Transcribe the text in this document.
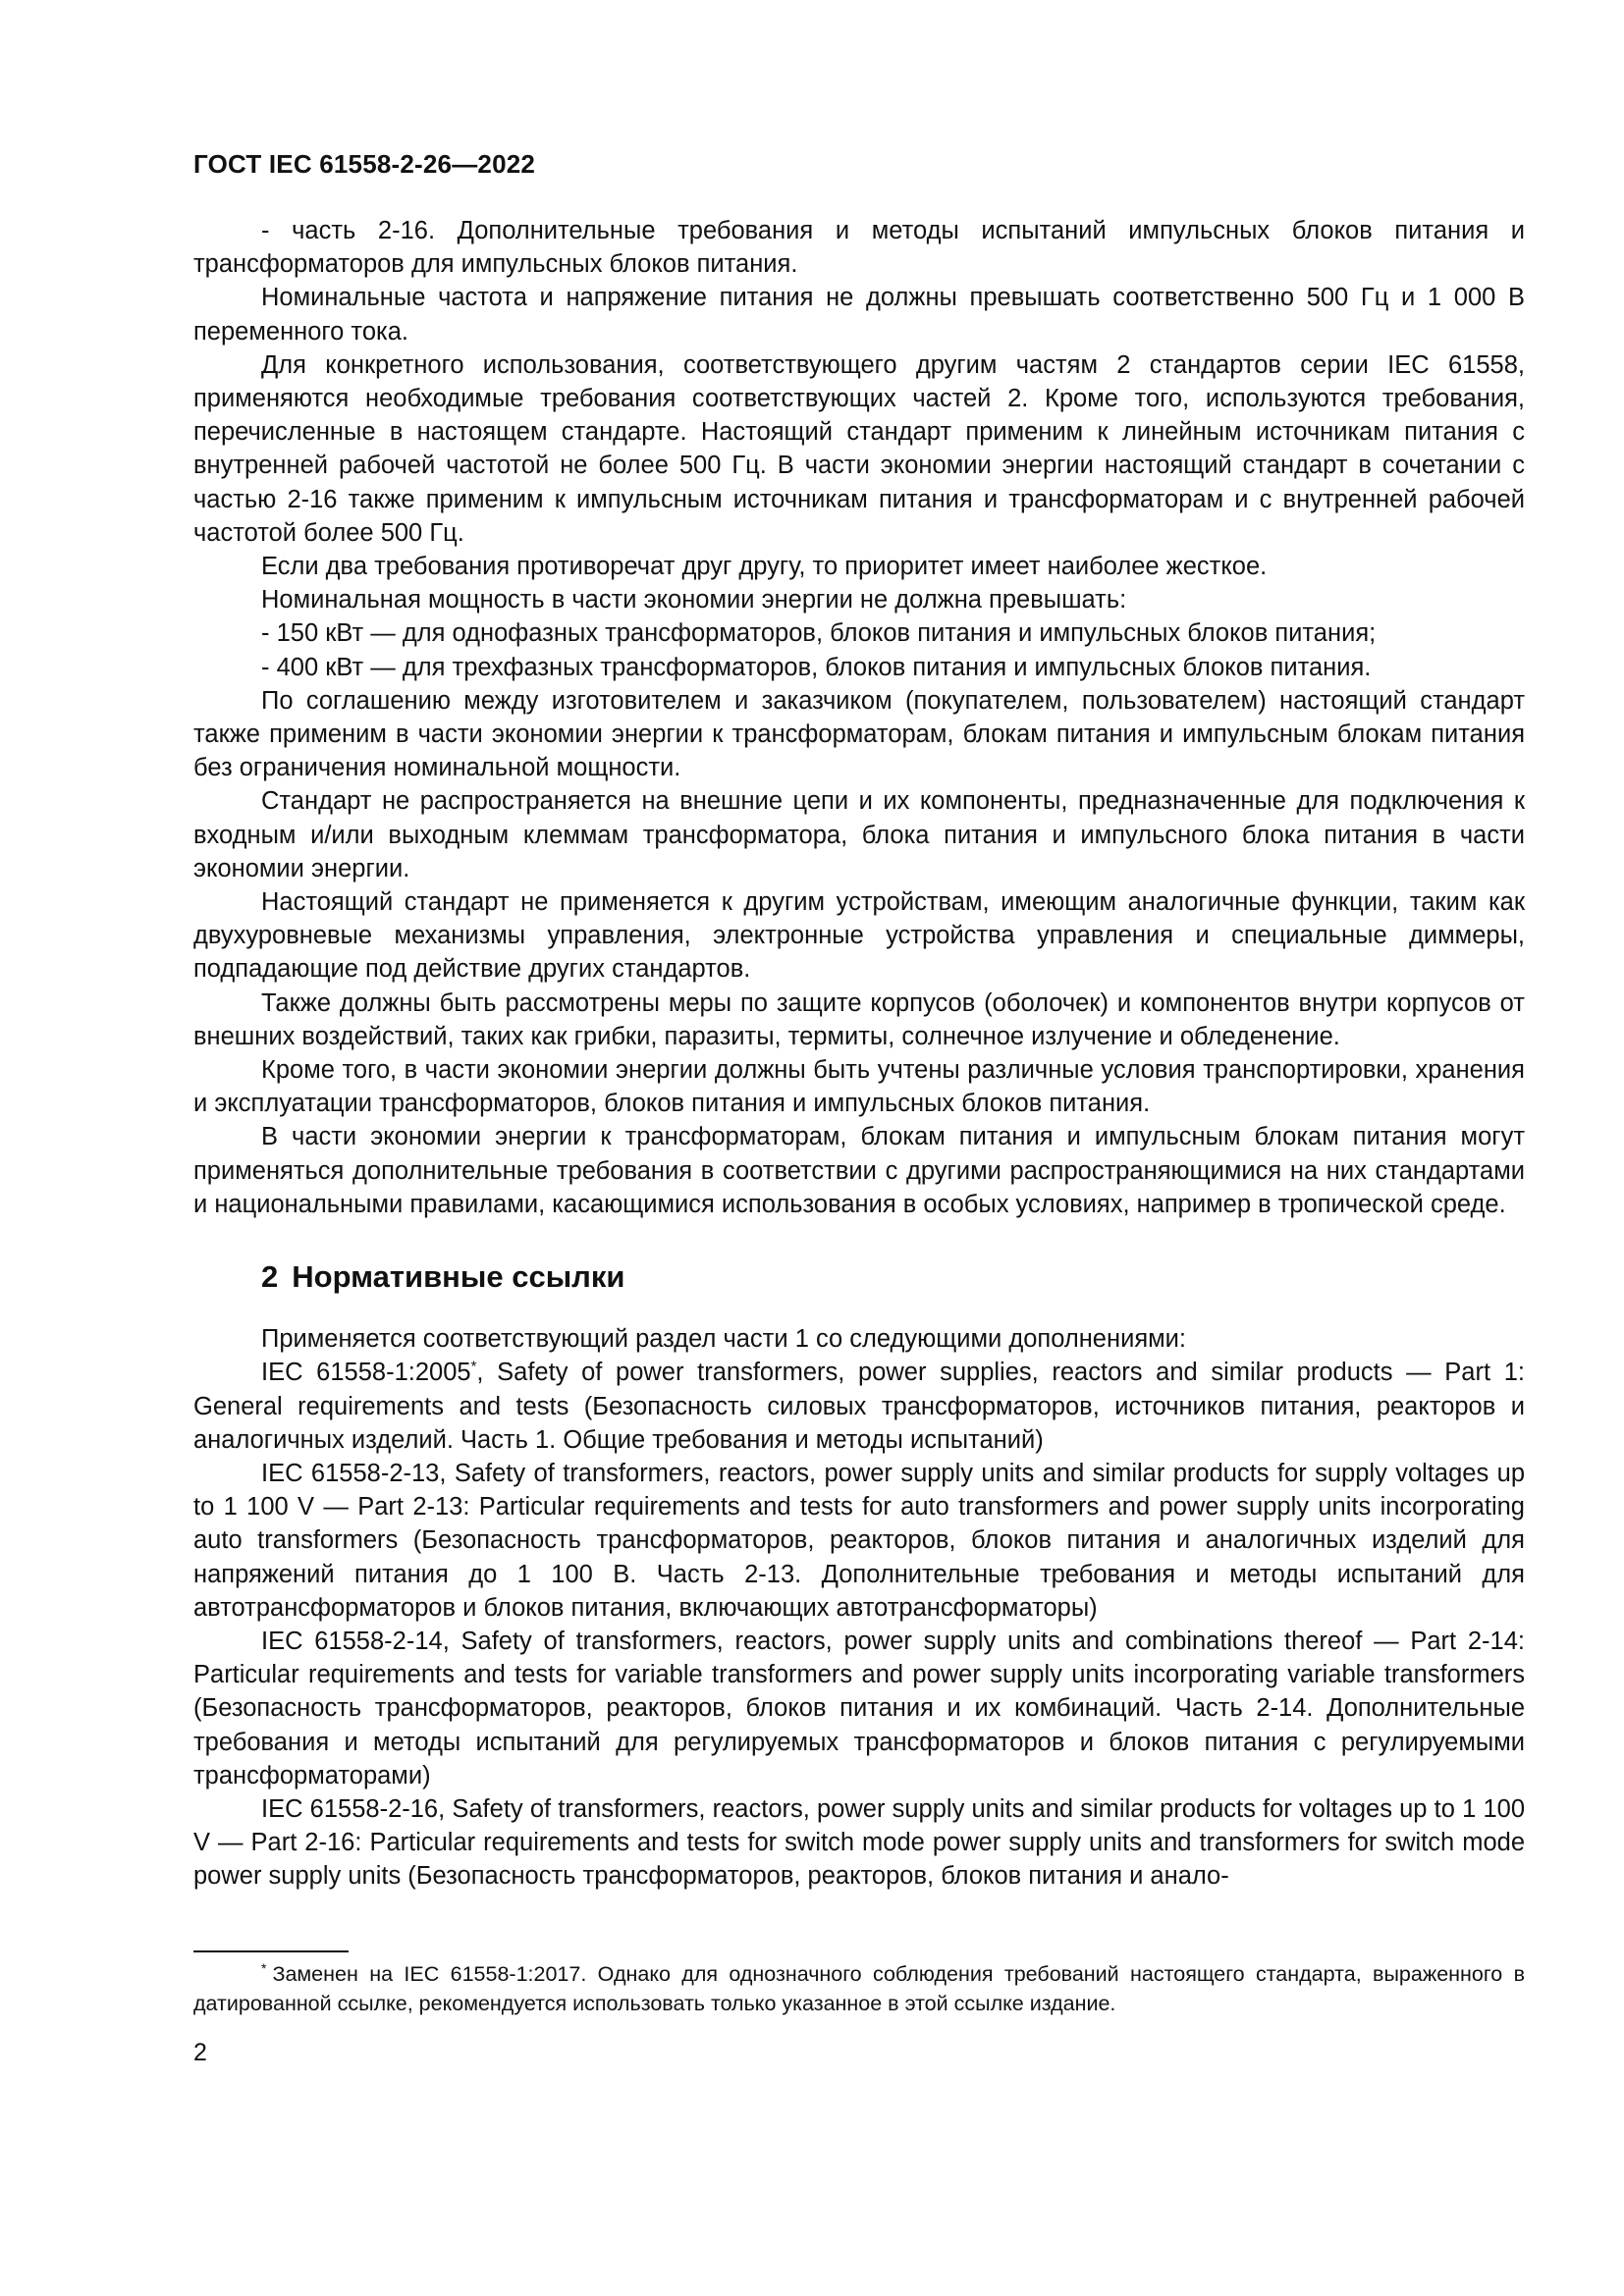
ГОСТ IEC 61558-2-26—2022

- часть 2-16. Дополнительные требования и методы испытаний импульсных блоков питания и трансформаторов для импульсных блоков питания.

Номинальные частота и напряжение питания не должны превышать соответственно 500 Гц и 1 000 В переменного тока.

Для конкретного использования, соответствующего другим частям 2 стандартов серии IEC 61558, применяются необходимые требования соответствующих частей 2. Кроме того, используются требования, перечисленные в настоящем стандарте. Настоящий стандарт применим к линейным источникам питания с внутренней рабочей частотой не более 500 Гц. В части экономии энергии настоящий стандарт в сочетании с частью 2-16 также применим к импульсным источникам питания и трансформаторам и с внутренней рабочей частотой более 500 Гц.

Если два требования противоречат друг другу, то приоритет имеет наиболее жесткое.

Номинальная мощность в части экономии энергии не должна превышать:

- 150 кВт — для однофазных трансформаторов, блоков питания и импульсных блоков питания;

- 400 кВт — для трехфазных трансформаторов, блоков питания и импульсных блоков питания.

По соглашению между изготовителем и заказчиком (покупателем, пользователем) настоящий стандарт также применим в части экономии энергии к трансформаторам, блокам питания и импульсным блокам питания без ограничения номинальной мощности.

Стандарт не распространяется на внешние цепи и их компоненты, предназначенные для подключения к входным и/или выходным клеммам трансформатора, блока питания и импульсного блока питания в части экономии энергии.

Настоящий стандарт не применяется к другим устройствам, имеющим аналогичные функции, таким как двухуровневые механизмы управления, электронные устройства управления и специальные диммеры, подпадающие под действие других стандартов.

Также должны быть рассмотрены меры по защите корпусов (оболочек) и компонентов внутри корпусов от внешних воздействий, таких как грибки, паразиты, термиты, солнечное излучение и обледенение.

Кроме того, в части экономии энергии должны быть учтены различные условия транспортировки, хранения и эксплуатации трансформаторов, блоков питания и импульсных блоков питания.

В части экономии энергии к трансформаторам, блокам питания и импульсным блокам питания могут применяться дополнительные требования в соответствии с другими распространяющимися на них стандартами и национальными правилами, касающимися использования в особых условиях, например в тропической среде.

2 Нормативные ссылки

Применяется соответствующий раздел части 1 со следующими дополнениями:

IEC 61558-1:2005*, Safety of power transformers, power supplies, reactors and similar products — Part 1: General requirements and tests (Безопасность силовых трансформаторов, источников питания, реакторов и аналогичных изделий. Часть 1. Общие требования и методы испытаний)

IEC 61558-2-13, Safety of transformers, reactors, power supply units and similar products for supply voltages up to 1 100 V — Part 2-13: Particular requirements and tests for auto transformers and power supply units incorporating auto transformers (Безопасность трансформаторов, реакторов, блоков питания и аналогичных изделий для напряжений питания до 1 100 В. Часть 2-13. Дополнительные требования и методы испытаний для автотрансформаторов и блоков питания, включающих автотрансформаторы)

IEC 61558-2-14, Safety of transformers, reactors, power supply units and combinations thereof — Part 2-14: Particular requirements and tests for variable transformers and power supply units incorporating variable transformers (Безопасность трансформаторов, реакторов, блоков питания и их комбинаций. Часть 2-14. Дополнительные требования и методы испытаний для регулируемых трансформаторов и блоков питания с регулируемыми трансформаторами)

IEC 61558-2-16, Safety of transformers, reactors, power supply units and similar products for voltages up to 1 100 V — Part 2-16: Particular requirements and tests for switch mode power supply units and transformers for switch mode power supply units (Безопасность трансформаторов, реакторов, блоков питания и анало-

* Заменен на IEC 61558-1:2017. Однако для однозначного соблюдения требований настоящего стандарта, выраженного в датированной ссылке, рекомендуется использовать только указанное в этой ссылке издание.

2
